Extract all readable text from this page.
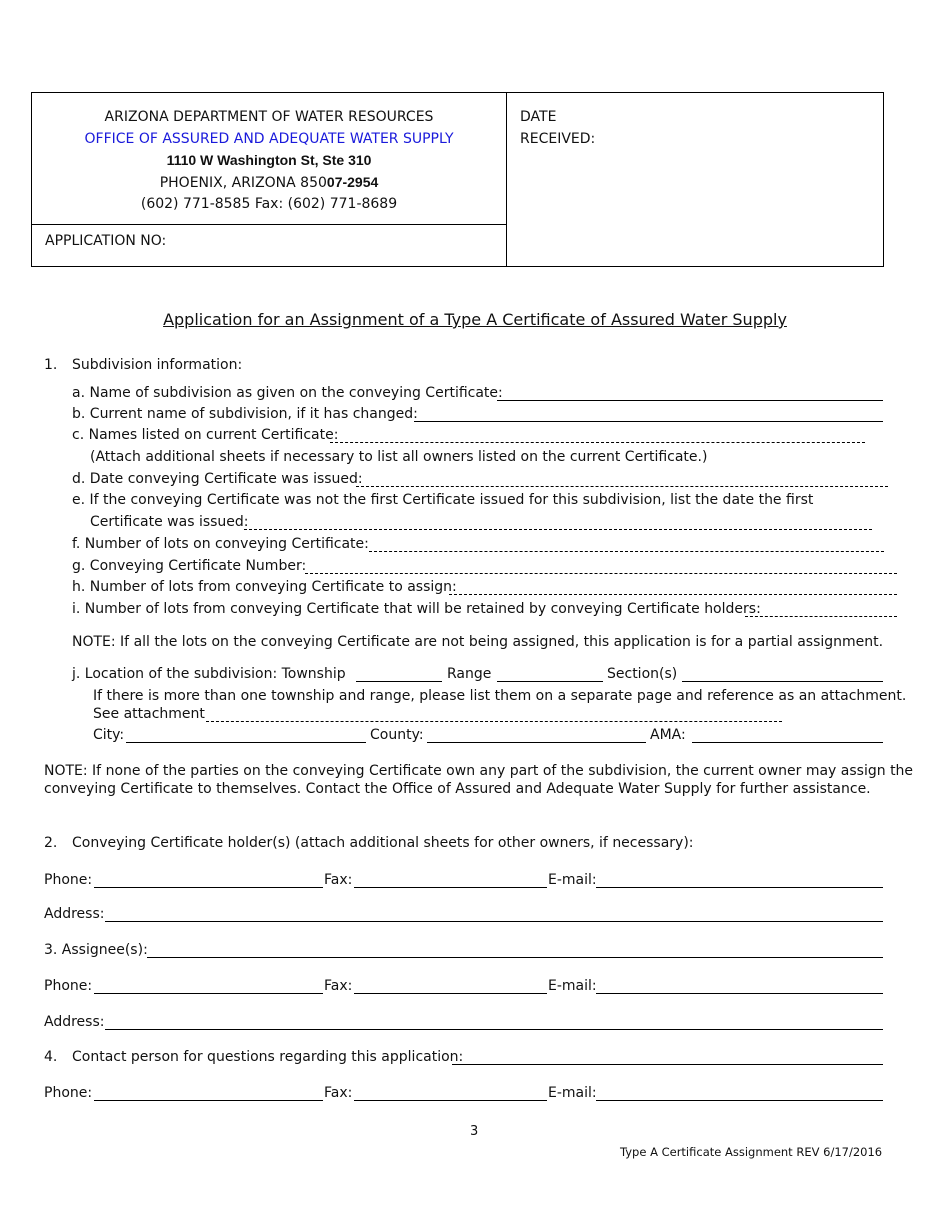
ARIZONA DEPARTMENT OF WATER RESOURCES
OFFICE OF ASSURED AND ADEQUATE WATER SUPPLY
1110 W Washington St, Ste 310
PHOENIX, ARIZONA 85007-2954
(602) 771-8585 Fax: (602) 771-8689
APPLICATION NO:
DATE
RECEIVED:
Application for an Assignment of a Type A Certificate of Assured Water Supply
1. Subdivision information:
a. Name of subdivision as given on the conveying Certificate:
b. Current name of subdivision, if it has changed:
c. Names listed on current Certificate:
(Attach additional sheets if necessary to list all owners listed on the current Certificate.)
d. Date conveying Certificate was issued:
e. If the conveying Certificate was not the first Certificate issued for this subdivision, list the date the first
Certificate was issued:
f. Number of lots on conveying Certificate:
g. Conveying Certificate Number:
h. Number of lots from conveying Certificate to assign:
i. Number of lots from conveying Certificate that will be retained by conveying Certificate holders:
NOTE: If all the lots on the conveying Certificate are not being assigned, this application is for a partial assignment.
j. Location of the subdivision: Township	Range	Section(s)
If there is more than one township and range, please list them on a separate page and reference as an attachment.
See attachment
City:	County:	AMA:
NOTE: If none of the parties on the conveying Certificate own any part of the subdivision, the current owner may assign the
conveying Certificate to themselves. Contact the Office of Assured and Adequate Water Supply for further assistance.
2. Conveying Certificate holder(s) (attach additional sheets for other owners, if necessary):
Phone:	Fax:	E-mail:
Address:
3. Assignee(s):
Phone:	Fax:	E-mail:
Address:
4. Contact person for questions regarding this application:
Phone:	Fax:	E-mail:
3
Type A Certificate Assignment REV 6/17/2016
